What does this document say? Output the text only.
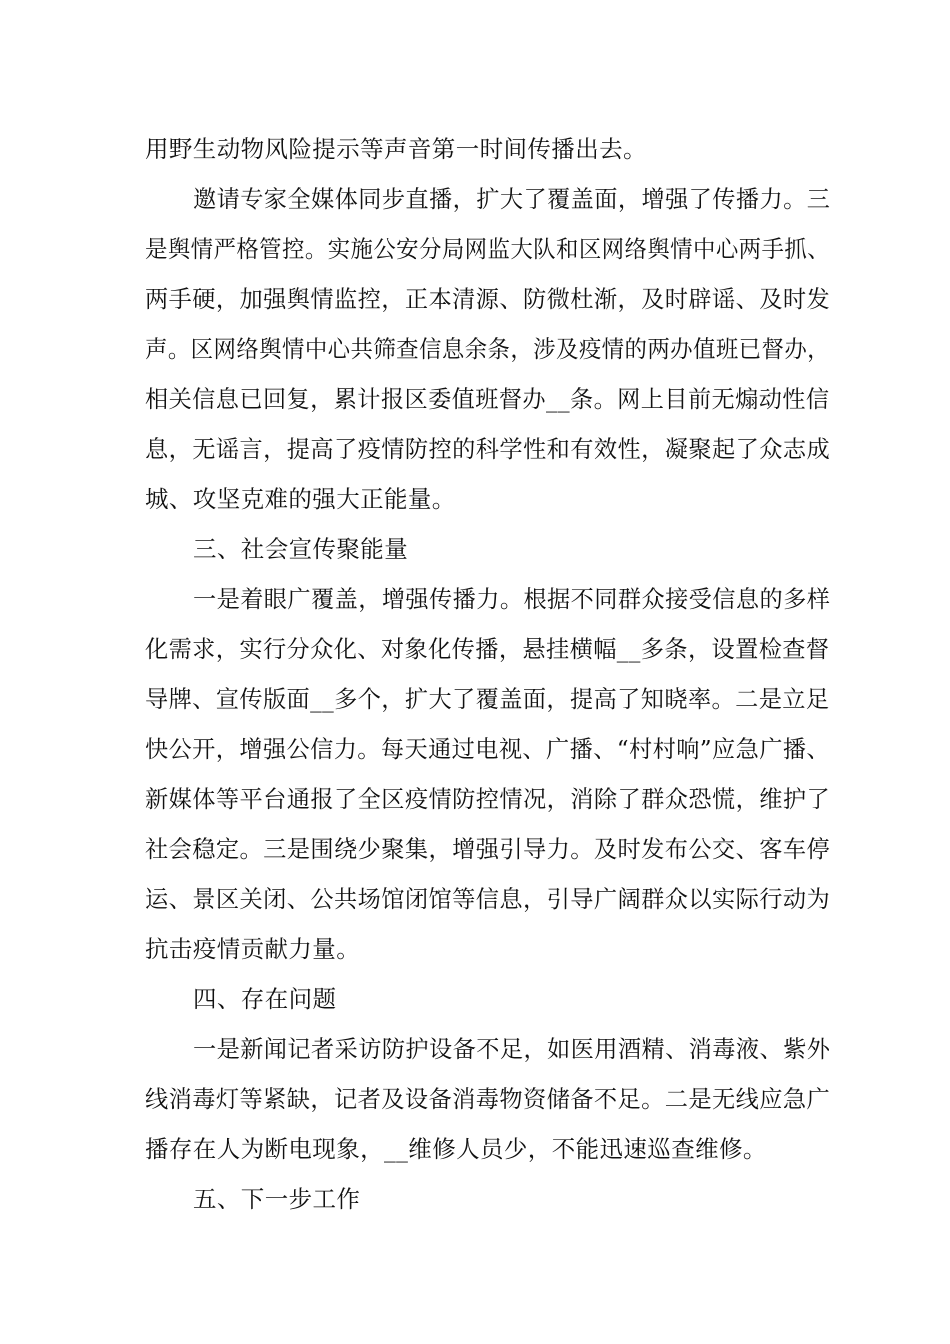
用野生动物风险提示等声音第一时间传播出去。
邀请专家全媒体同步直播，扩大了覆盖面，增强了传播力。三
是舆情严格管控。实施公安分局网监大队和区网络舆情中心两手抓、
两手硬，加强舆情监控，正本清源、防微杜渐，及时辟谣、及时发
声。区网络舆情中心共筛查信息余条，涉及疫情的两办值班已督办，
相关信息已回复，累计报区委值班督办__条。网上目前无煽动性信
息，无谣言，提高了疫情防控的科学性和有效性，凝聚起了众志成
城、攻坚克难的强大正能量。
三、社会宣传聚能量
一是着眼广覆盖，增强传播力。根据不同群众接受信息的多样
化需求，实行分众化、对象化传播，悬挂横幅__多条，设置检查督
导牌、宣传版面__多个，扩大了覆盖面，提高了知晓率。二是立足
快公开，增强公信力。每天通过电视、广播、“村村响”应急广播、
新媒体等平台通报了全区疫情防控情况，消除了群众恐慌，维护了
社会稳定。三是围绕少聚集，增强引导力。及时发布公交、客车停
运、景区关闭、公共场馆闭馆等信息，引导广阔群众以实际行动为
抗击疫情贡献力量。
四、存在问题
一是新闻记者采访防护设备不足，如医用酒精、消毒液、紫外
线消毒灯等紧缺，记者及设备消毒物资储备不足。二是无线应急广
播存在人为断电现象，__维修人员少，不能迅速巡查维修。
五、下一步工作
